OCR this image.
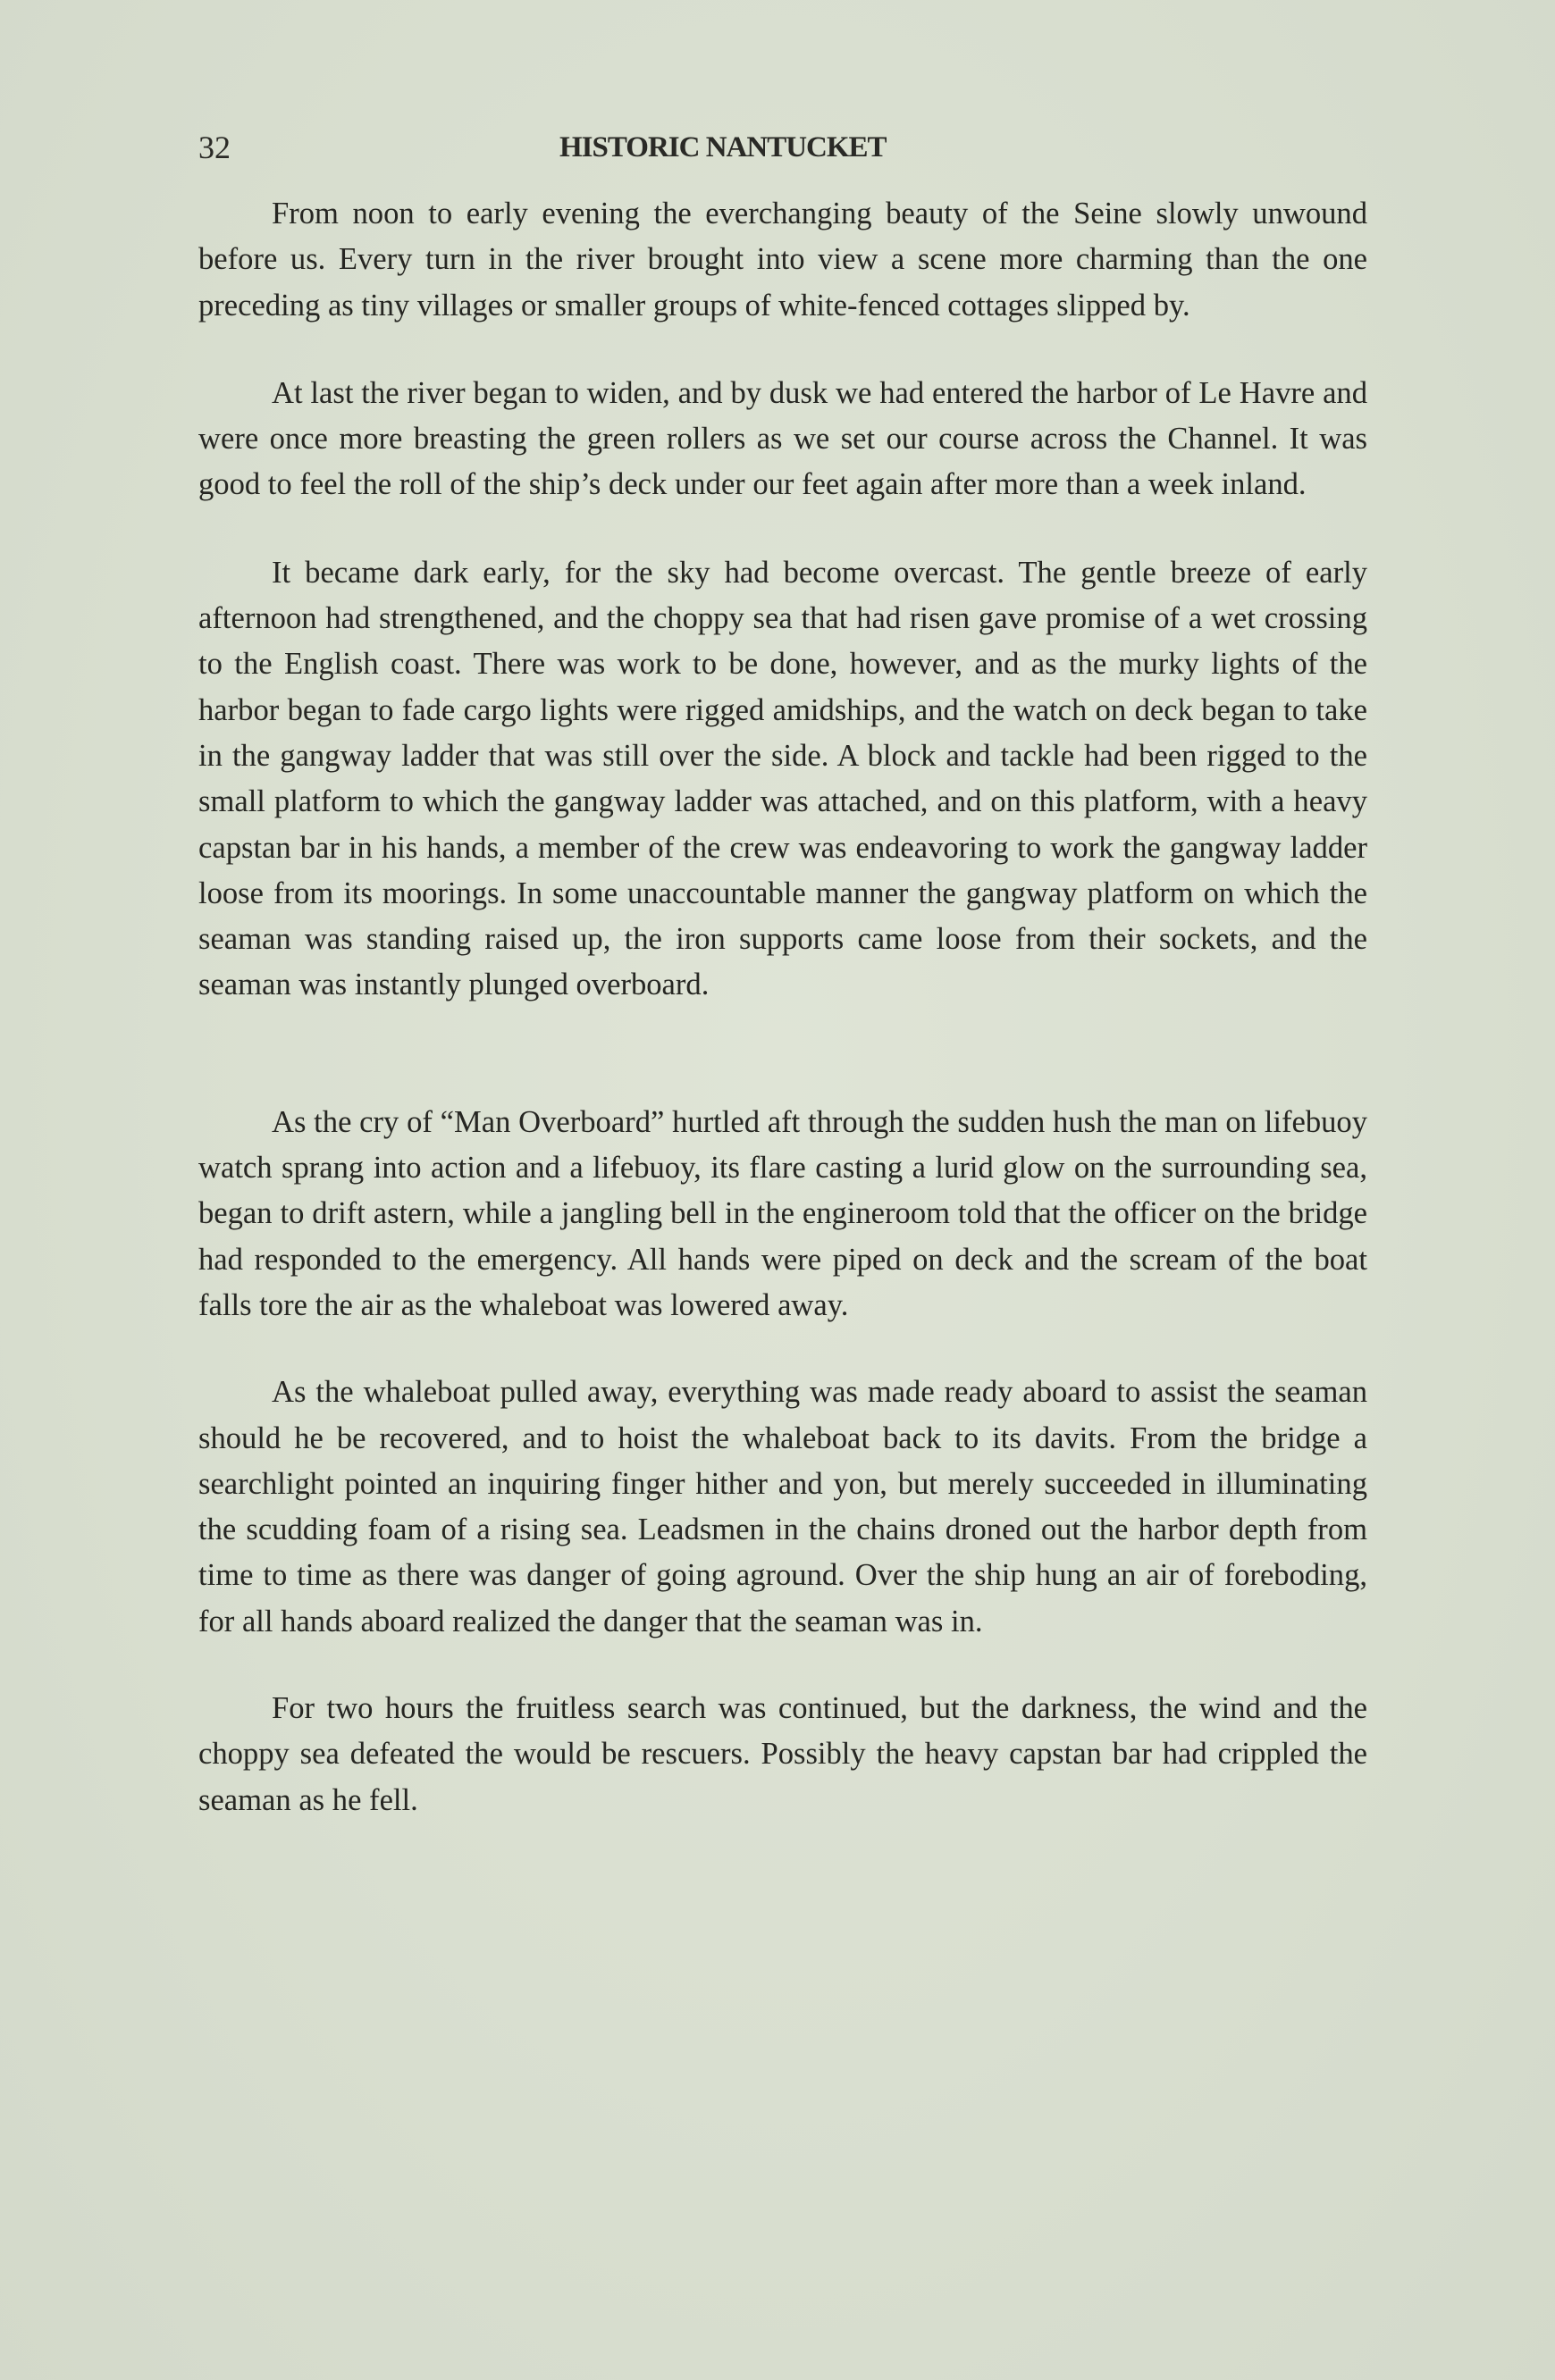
32	HISTORIC NANTUCKET

From noon to early evening the everchanging beauty of the Seine slowly unwound before us. Every turn in the river brought into view a scene more charming than the one preceding as tiny villages or smaller groups of white-fenced cottages slipped by.

At last the river began to widen, and by dusk we had entered the harbor of Le Havre and were once more breasting the green rollers as we set our course across the Channel. It was good to feel the roll of the ship’s deck under our feet again after more than a week inland.

It became dark early, for the sky had become overcast. The gentle breeze of early afternoon had strengthened, and the choppy sea that had risen gave promise of a wet crossing to the English coast. There was work to be done, however, and as the murky lights of the harbor began to fade cargo lights were rigged amidships, and the watch on deck began to take in the gangway ladder that was still over the side. A block and tackle had been rigged to the small platform to which the gangway ladder was attached, and on this platform, with a heavy capstan bar in his hands, a member of the crew was endeavoring to work the gangway ladder loose from its moorings. In some unaccountable manner the gangway platform on which the seaman was standing raised up, the iron supports came loose from their sockets, and the seaman was instantly plunged overboard.

As the cry of “Man Overboard” hurtled aft through the sudden hush the man on lifebuoy watch sprang into action and a lifebuoy, its flare casting a lurid glow on the surrounding sea, began to drift astern, while a jangling bell in the engineroom told that the officer on the bridge had responded to the emergency. All hands were piped on deck and the scream of the boat falls tore the air as the whaleboat was lowered away.

As the whaleboat pulled away, everything was made ready aboard to assist the seaman should he be recovered, and to hoist the whaleboat back to its davits. From the bridge a searchlight pointed an inquiring finger hither and yon, but merely succeeded in illuminating the scudding foam of a rising sea. Leadsmen in the chains droned out the harbor depth from time to time as there was danger of going aground. Over the ship hung an air of foreboding, for all hands aboard realized the danger that the seaman was in.

For two hours the fruitless search was continued, but the darkness, the wind and the choppy sea defeated the would be rescuers. Possibly the heavy capstan bar had crippled the seaman as he fell.
